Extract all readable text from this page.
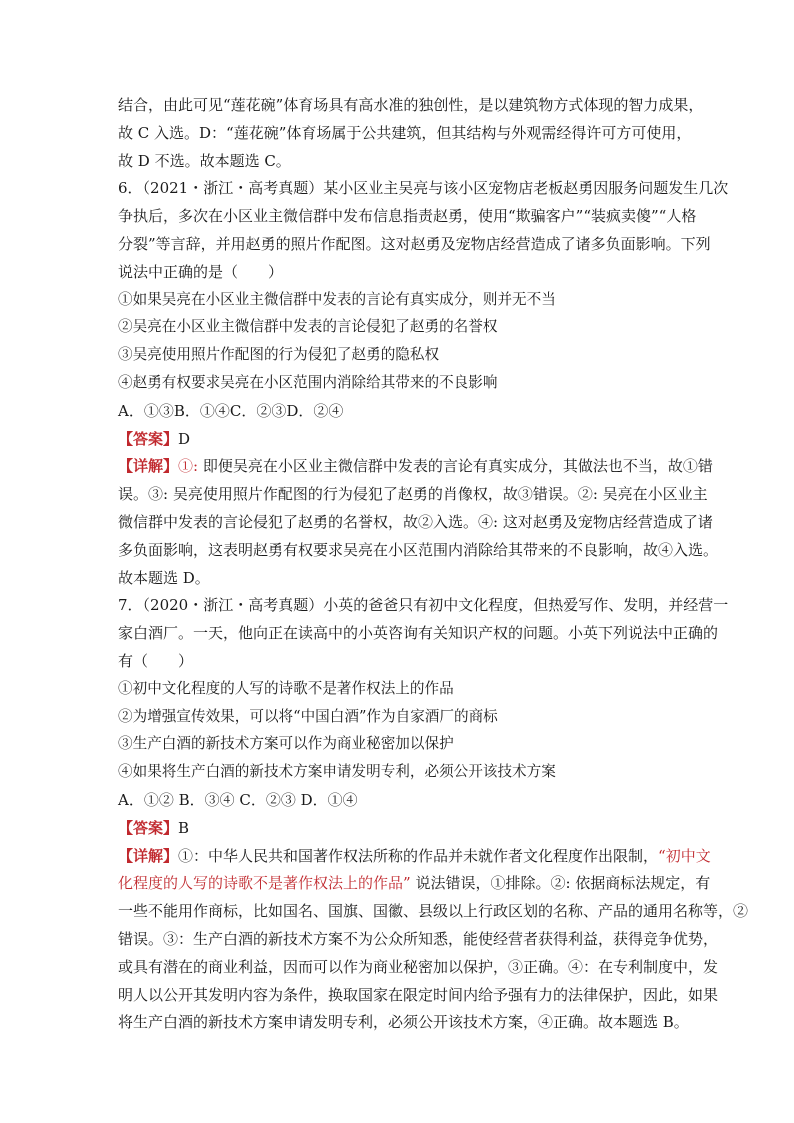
结合，由此可见“莲花碗”体育场具有高水准的独创性，是以建筑物方式体现的智力成果，
故 C 入选。D：“莲花碗”体育场属于公共建筑，但其结构与外观需经得许可方可使用，
故 D 不选。故本题选 C。
6．（2021・浙江・高考真题）某小区业主吴亮与该小区宠物店老板赵勇因服务问题发生几次
争执后，多次在小区业主微信群中发布信息指责赵勇，使用“欺骗客户”“装疯卖傻”“人格
分裂”等言辞，并用赵勇的照片作配图。这对赵勇及宠物店经营造成了诸多负面影响。下列
说法中正确的是（　　）
①如果吴亮在小区业主微信群中发表的言论有真实成分，则并无不当
②吴亮在小区业主微信群中发表的言论侵犯了赵勇的名誉权
③吴亮使用照片作配图的行为侵犯了赵勇的隐私权
④赵勇有权要求吴亮在小区范围内消除给其带来的不良影响
A．①③B．①④C．②③D．②④
【答案】D
【详解】①: 即便吴亮在小区业主微信群中发表的言论有真实成分，其做法也不当，故①错
误。③: 吴亮使用照片作配图的行为侵犯了赵勇的肖像权，故③错误。②: 吴亮在小区业主
微信群中发表的言论侵犯了赵勇的名誉权，故②入选。④: 这对赵勇及宠物店经营造成了诸
多负面影响，这表明赵勇有权要求吴亮在小区范围内消除给其带来的不良影响，故④入选。
故本题选 D。
7．（2020・浙江・高考真题）小英的爸爸只有初中文化程度，但热爱写作、发明，并经营一
家白酒厂。一天，他向正在读高中的小英咨询有关知识产权的问题。小英下列说法中正确的
有（　　）
①初中文化程度的人写的诗歌不是著作权法上的作品
②为增强宣传效果，可以将“中国白酒”作为自家酒厂的商标
③生产白酒的新技术方案可以作为商业秘密加以保护
④如果将生产白酒的新技术方案申请发明专利，必须公开该技术方案
A．①② B．③④ C．②③ D．①④
【答案】B
【详解】①：中华人民共和国著作权法所称的作品并未就作者文化程度作出限制，“初中文
化程度的人写的诗歌不是著作权法上的作品” 说法错误，①排除。②: 依据商标法规定，有
一些不能用作商标，比如国名、国旗、国徽、县级以上行政区划的名称、产品的通用名称等，②
错误。③：生产白酒的新技术方案不为公众所知悉，能使经营者获得利益，获得竞争优势，
或具有潜在的商业利益，因而可以作为商业秘密加以保护，③正确。④：在专利制度中，发
明人以公开其发明内容为条件，换取国家在限定时间内给予强有力的法律保护，因此，如果
将生产白酒的新技术方案申请发明专利，必须公开该技术方案，④正确。故本题选 B。
